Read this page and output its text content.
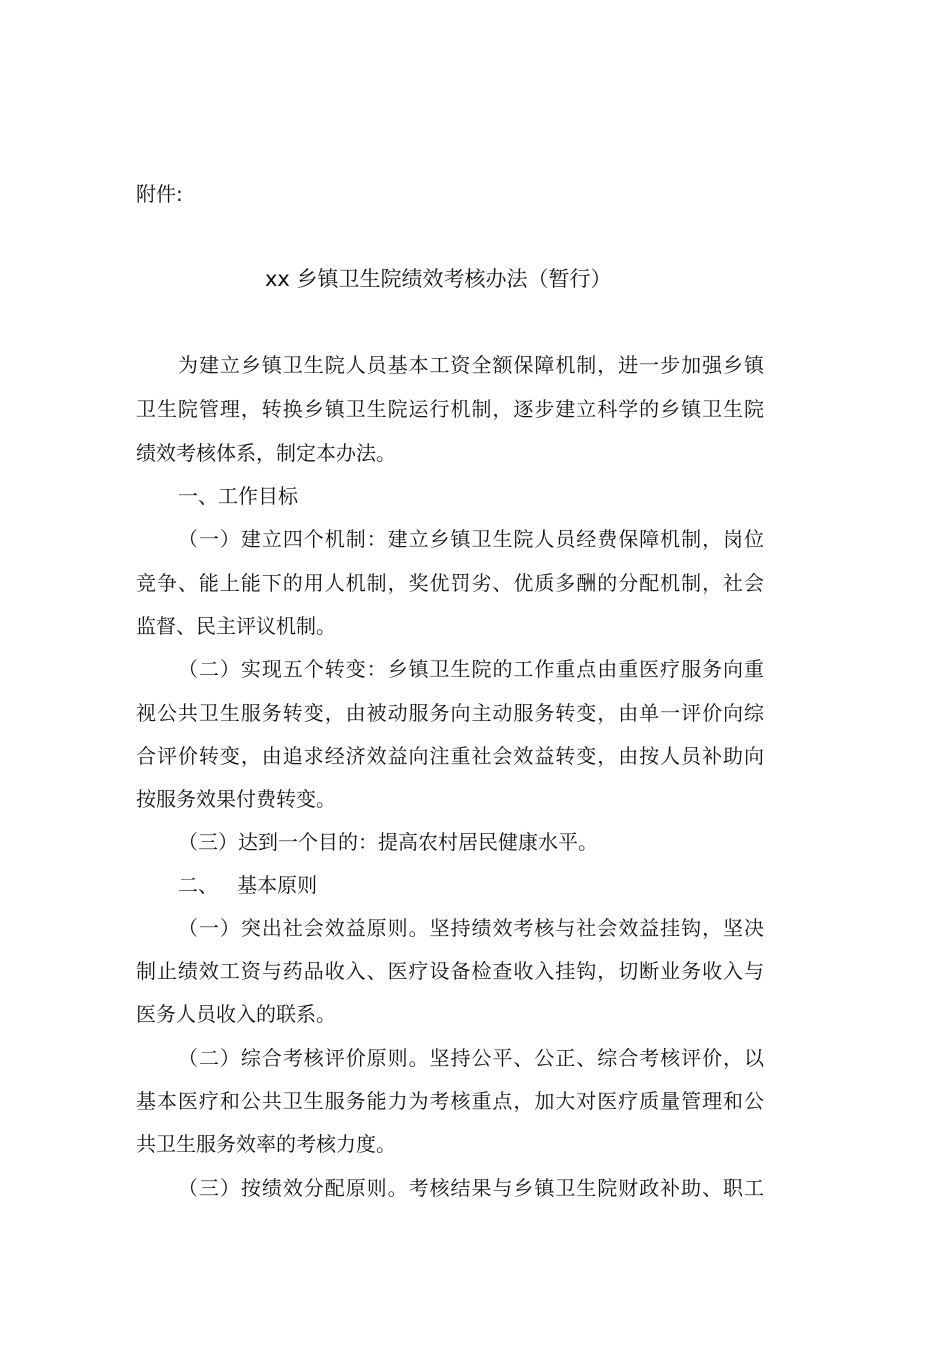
附件:
xx 乡镇卫生院绩效考核办法（暂行）
为建立乡镇卫生院人员基本工资全额保障机制，进一步加强乡镇
卫生院管理，转换乡镇卫生院运行机制，逐步建立科学的乡镇卫生院
绩效考核体系，制定本办法。
一、工作目标
（一）建立四个机制：建立乡镇卫生院人员经费保障机制，岗位
竞争、能上能下的用人机制，奖优罚劣、优质多酬的分配机制，社会
监督、民主评议机制。
（二）实现五个转变：乡镇卫生院的工作重点由重医疗服务向重
视公共卫生服务转变，由被动服务向主动服务转变，由单一评价向综
合评价转变，由追求经济效益向注重社会效益转变，由按人员补助向
按服务效果付费转变。
（三）达到一个目的：提高农村居民健康水平。
二、   基本原则
（一）突出社会效益原则。坚持绩效考核与社会效益挂钩，坚决
制止绩效工资与药品收入、医疗设备检查收入挂钩，切断业务收入与
医务人员收入的联系。
（二）综合考核评价原则。坚持公平、公正、综合考核评价，以
基本医疗和公共卫生服务能力为考核重点，加大对医疗质量管理和公
共卫生服务效率的考核力度。
（三）按绩效分配原则。考核结果与乡镇卫生院财政补助、职工
